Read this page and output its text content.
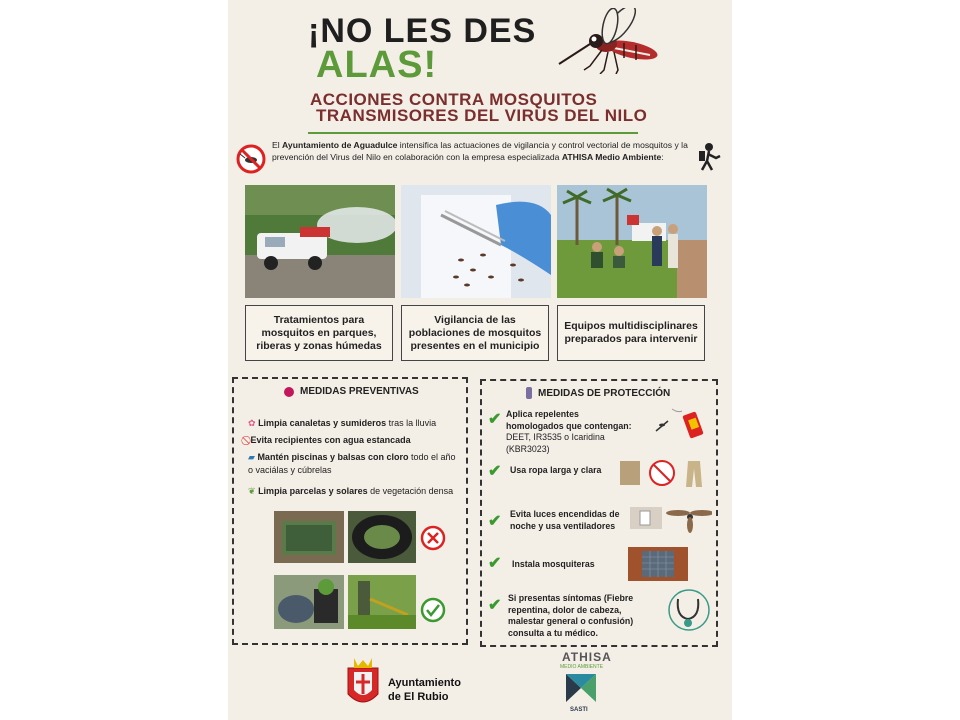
¡NO LES DES
ALAS!
ACCIONES CONTRA MOSQUITOS
TRANSMISORES DEL VIRUS DEL NILO
El Ayuntamiento de Aguadulce intensifica las actuaciones de vigilancia y control vectorial de mosquitos y la prevención del Virus del Nilo en colaboración con la empresa especializada ATHISA Medio Ambiente:
Tratamientos para mosquitos en parques, riberas y zonas húmedas
Vigilancia de las poblaciones de mosquitos presentes en el municipio
Equipos multidisciplinares preparados para intervenir
MEDIDAS PREVENTIVAS
✿ Limpia canaletas y sumideros tras la lluvia
Evita recipientes con agua estancada
▰ Mantén piscinas y balsas con cloro todo el año o vaciálas y cúbrelas
❦ Limpia parcelas y solares de vegetación densa
MEDIDAS DE PROTECCIÓN
✔ Aplica repelentes homologados que contengan:
DEET, IR3535 o Icaridina (KBR3023)
✔ Usa ropa larga y clara
✔ Evita luces encendidas de noche y usa ventiladores
✔ Instala mosquiteras
✔ Si presentas síntomas (Fiebre repentina, dolor de cabeza, malestar general o confusión) consulta a tu médico.
Ayuntamiento
de El Rubio
ATHISA
MEDIO AMBIENTE
SASTI
